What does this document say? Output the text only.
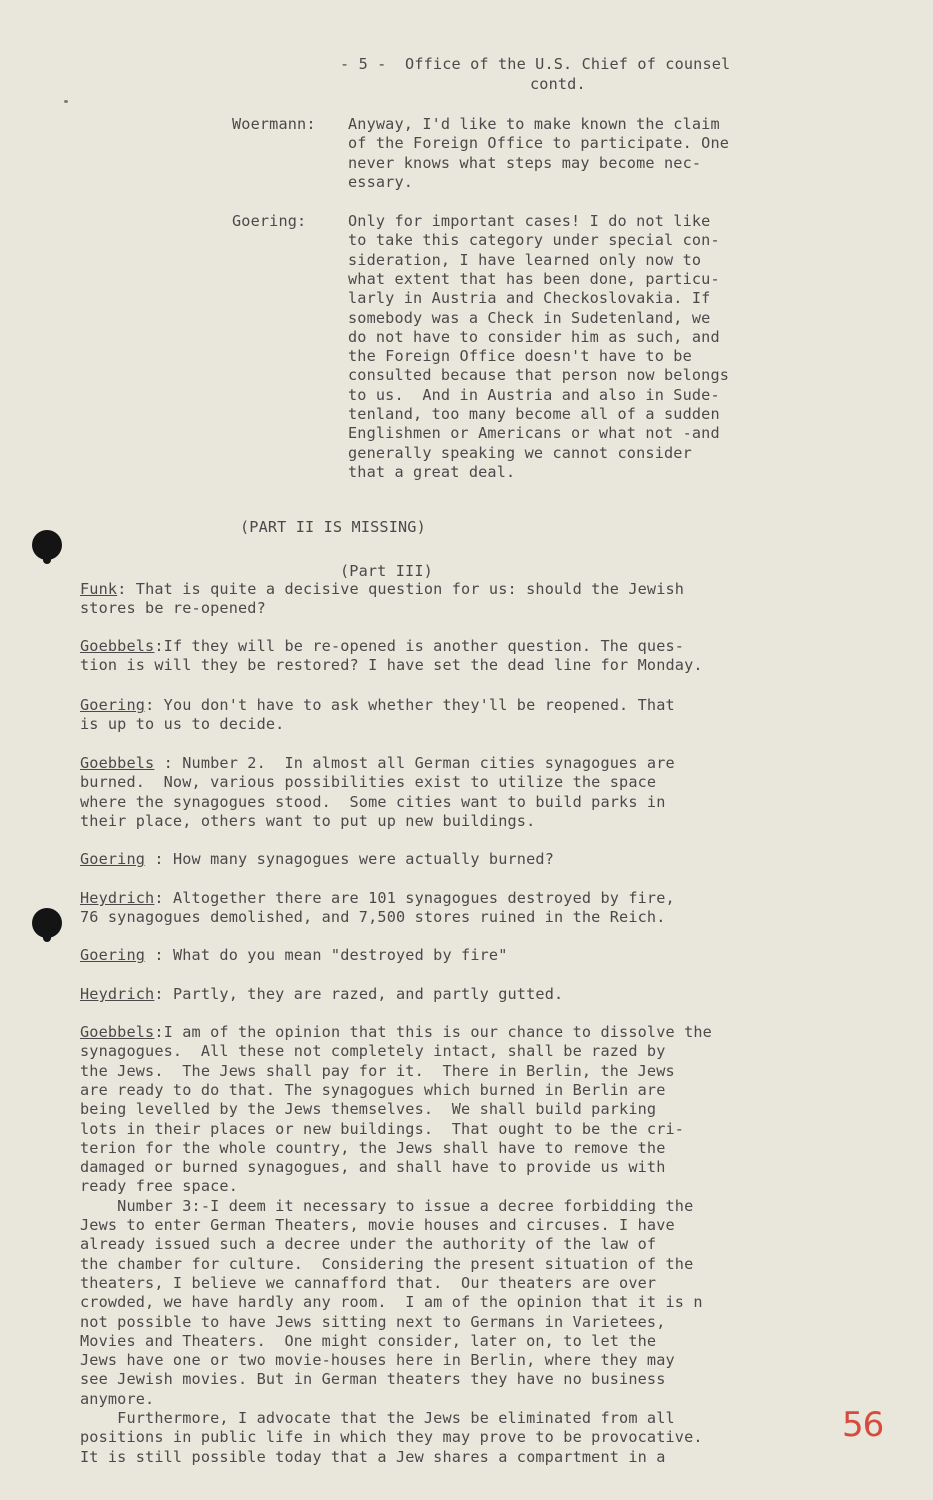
- 5 -  Office of the U.S. Chief of counsel
contd.
Woermann: Anyway, I'd like to make known the claim
of the Foreign Office to participate. One
never knows what steps may become nec-
essary.
Goering:	Only for important cases! I do not like
to take this category under special con-
sideration, I have learned only now to
what extent that has been done, particu-
larly in Austria and Checkoslovakia. If
somebody was a Check in Sudetenland, we
do not have to consider him as such, and
the Foreign Office doesn't have to be
consulted because that person now belongs
to us.  And in Austria and also in Sude-
tenland, too many become all of a sudden
Englishmen or Americans or what not -and
generally speaking we cannot consider
that a great deal.
(PART II IS MISSING)
(Part III)
Funk: That is quite a decisive question for us: should the Jewish
stores be re-opened?
Goebbels:If they will be re-opened is another question. The ques-
tion is will they be restored? I have set the dead line for Monday.
Goering: You don't have to ask whether they'll be reopened. That
is up to us to decide.
Goebbels : Number 2.  In almost all German cities synagogues are
burned.  Now, various possibilities exist to utilize the space
where the synagogues stood.  Some cities want to build parks in
their place, others want to put up new buildings.
Goering : How many synagogues were actually burned?
Heydrich: Altogether there are 101 synagogues destroyed by fire,
76 synagogues demolished, and 7,500 stores ruined in the Reich.
Goering : What do you mean "destroyed by fire"
Heydrich: Partly, they are razed, and partly gutted.
Goebbels:I am of the opinion that this is our chance to dissolve the
synagogues.  All these not completely intact, shall be razed by
the Jews.  The Jews shall pay for it.  There in Berlin, the Jews
are ready to do that. The synagogues which burned in Berlin are
being levelled by the Jews themselves.  We shall build parking
lots in their places or new buildings.  That ought to be the cri-
terion for the whole country, the Jews shall have to remove the
damaged or burned synagogues, and shall have to provide us with
ready free space.
Number 3:-I deem it necessary to issue a decree forbidding the
Jews to enter German Theaters, movie houses and circuses. I have
already issued such a decree under the authority of the law of
the chamber for culture.  Considering the present situation of the
theaters, I believe we cannafford that.  Our theaters are over
crowded, we have hardly any room.  I am of the opinion that it is n
not possible to have Jews sitting next to Germans in Varietees,
Movies and Theaters.  One might consider, later on, to let the
Jews have one or two movie-houses here in Berlin, where they may
see Jewish movies. But in German theaters they have no business
anymore.
Furthermore, I advocate that the Jews be eliminated from all
positions in public life in which they may prove to be provocative.
It is still possible today that a Jew shares a compartment in a
56
